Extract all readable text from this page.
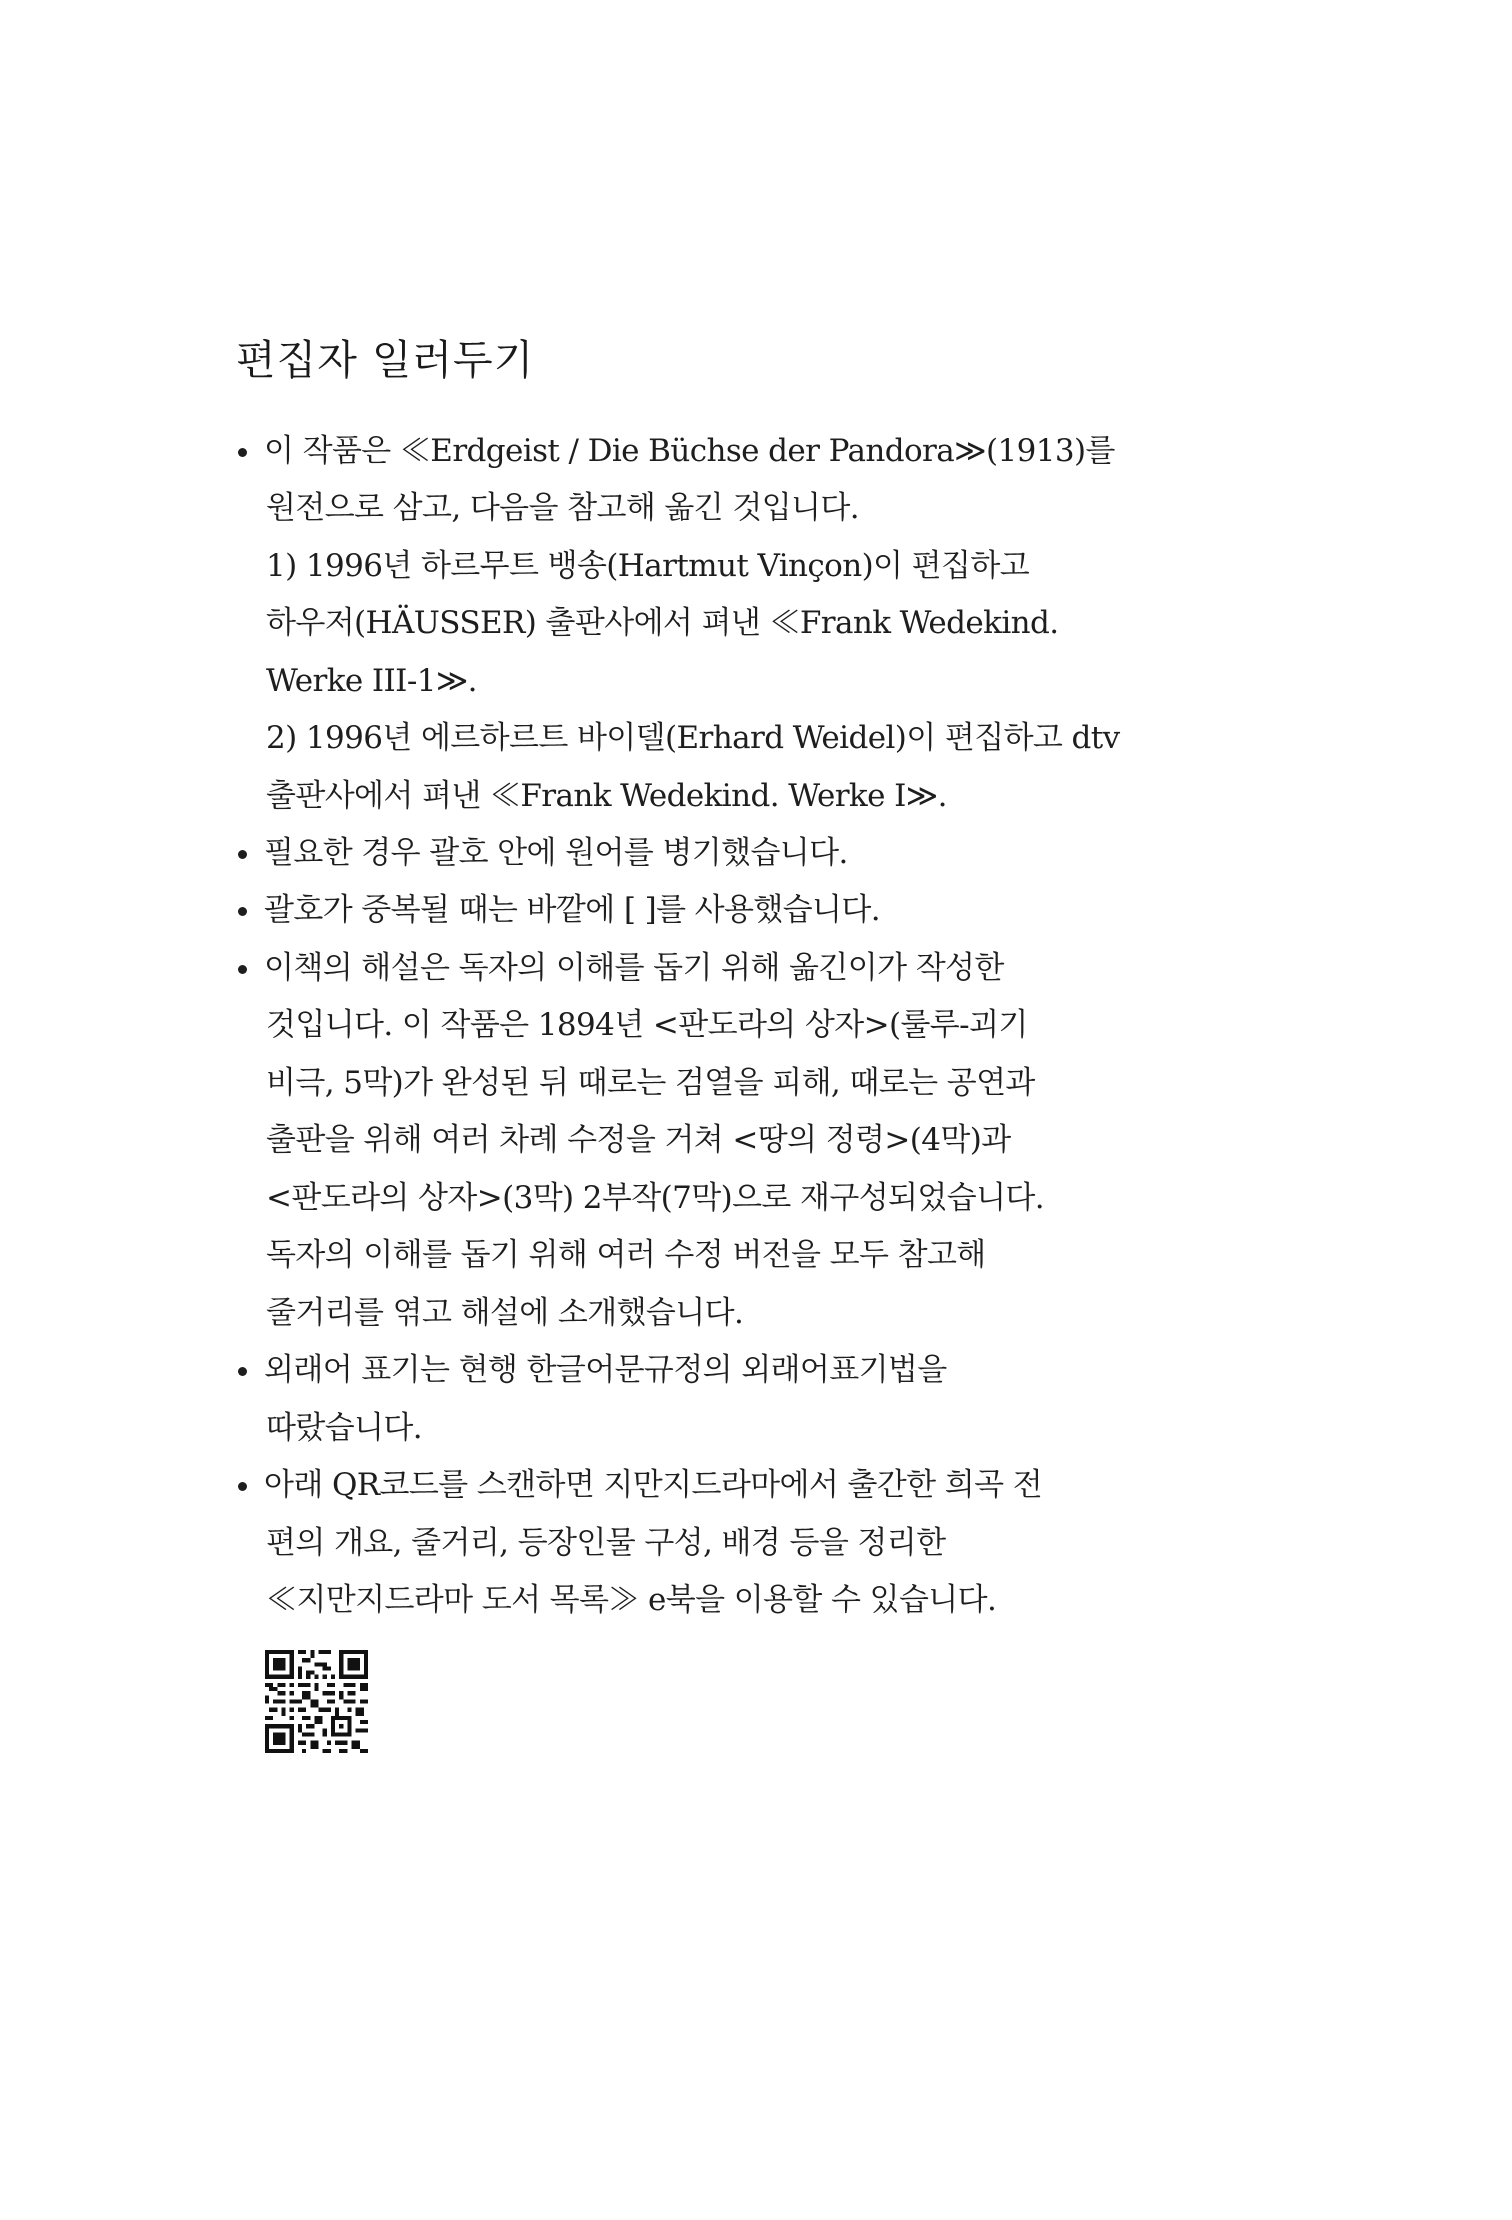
편집자 일러두기

이 작품은 ≪Erdgeist / Die Büchse der Pandora≫(1913)를

원전으로 삼고, 다음을 참고해 옮긴 것입니다.

1) 1996년 하르무트 뱅송(Hartmut Vinçon)이 편집하고

하우저(HÄUSSER) 출판사에서 펴낸 ≪Frank Wedekind.

Werke III-1≫.

2) 1996년 에르하르트 바이델(Erhard Weidel)이 편집하고 dtv

출판사에서 펴낸 ≪Frank Wedekind. Werke I≫.

필요한 경우 괄호 안에 원어를 병기했습니다.

괄호가 중복될 때는 바깥에 [ ]를 사용했습니다.

이책의 해설은 독자의 이해를 돕기 위해 옮긴이가 작성한

것입니다. 이 작품은 1894년 <판도라의 상자>(룰루-괴기

비극, 5막)가 완성된 뒤 때로는 검열을 피해, 때로는 공연과

출판을 위해 여러 차례 수정을 거쳐 <땅의 정령>(4막)과

<판도라의 상자>(3막) 2부작(7막)으로 재구성되었습니다.

독자의 이해를 돕기 위해 여러 수정 버전을 모두 참고해

줄거리를 엮고 해설에 소개했습니다.

외래어 표기는 현행 한글어문규정의 외래어표기법을

따랐습니다.

아래 QR코드를 스캔하면 지만지드라마에서 출간한 희곡 전

편의 개요, 줄거리, 등장인물 구성, 배경 등을 정리한

≪지만지드라마 도서 목록≫ e북을 이용할 수 있습니다.
